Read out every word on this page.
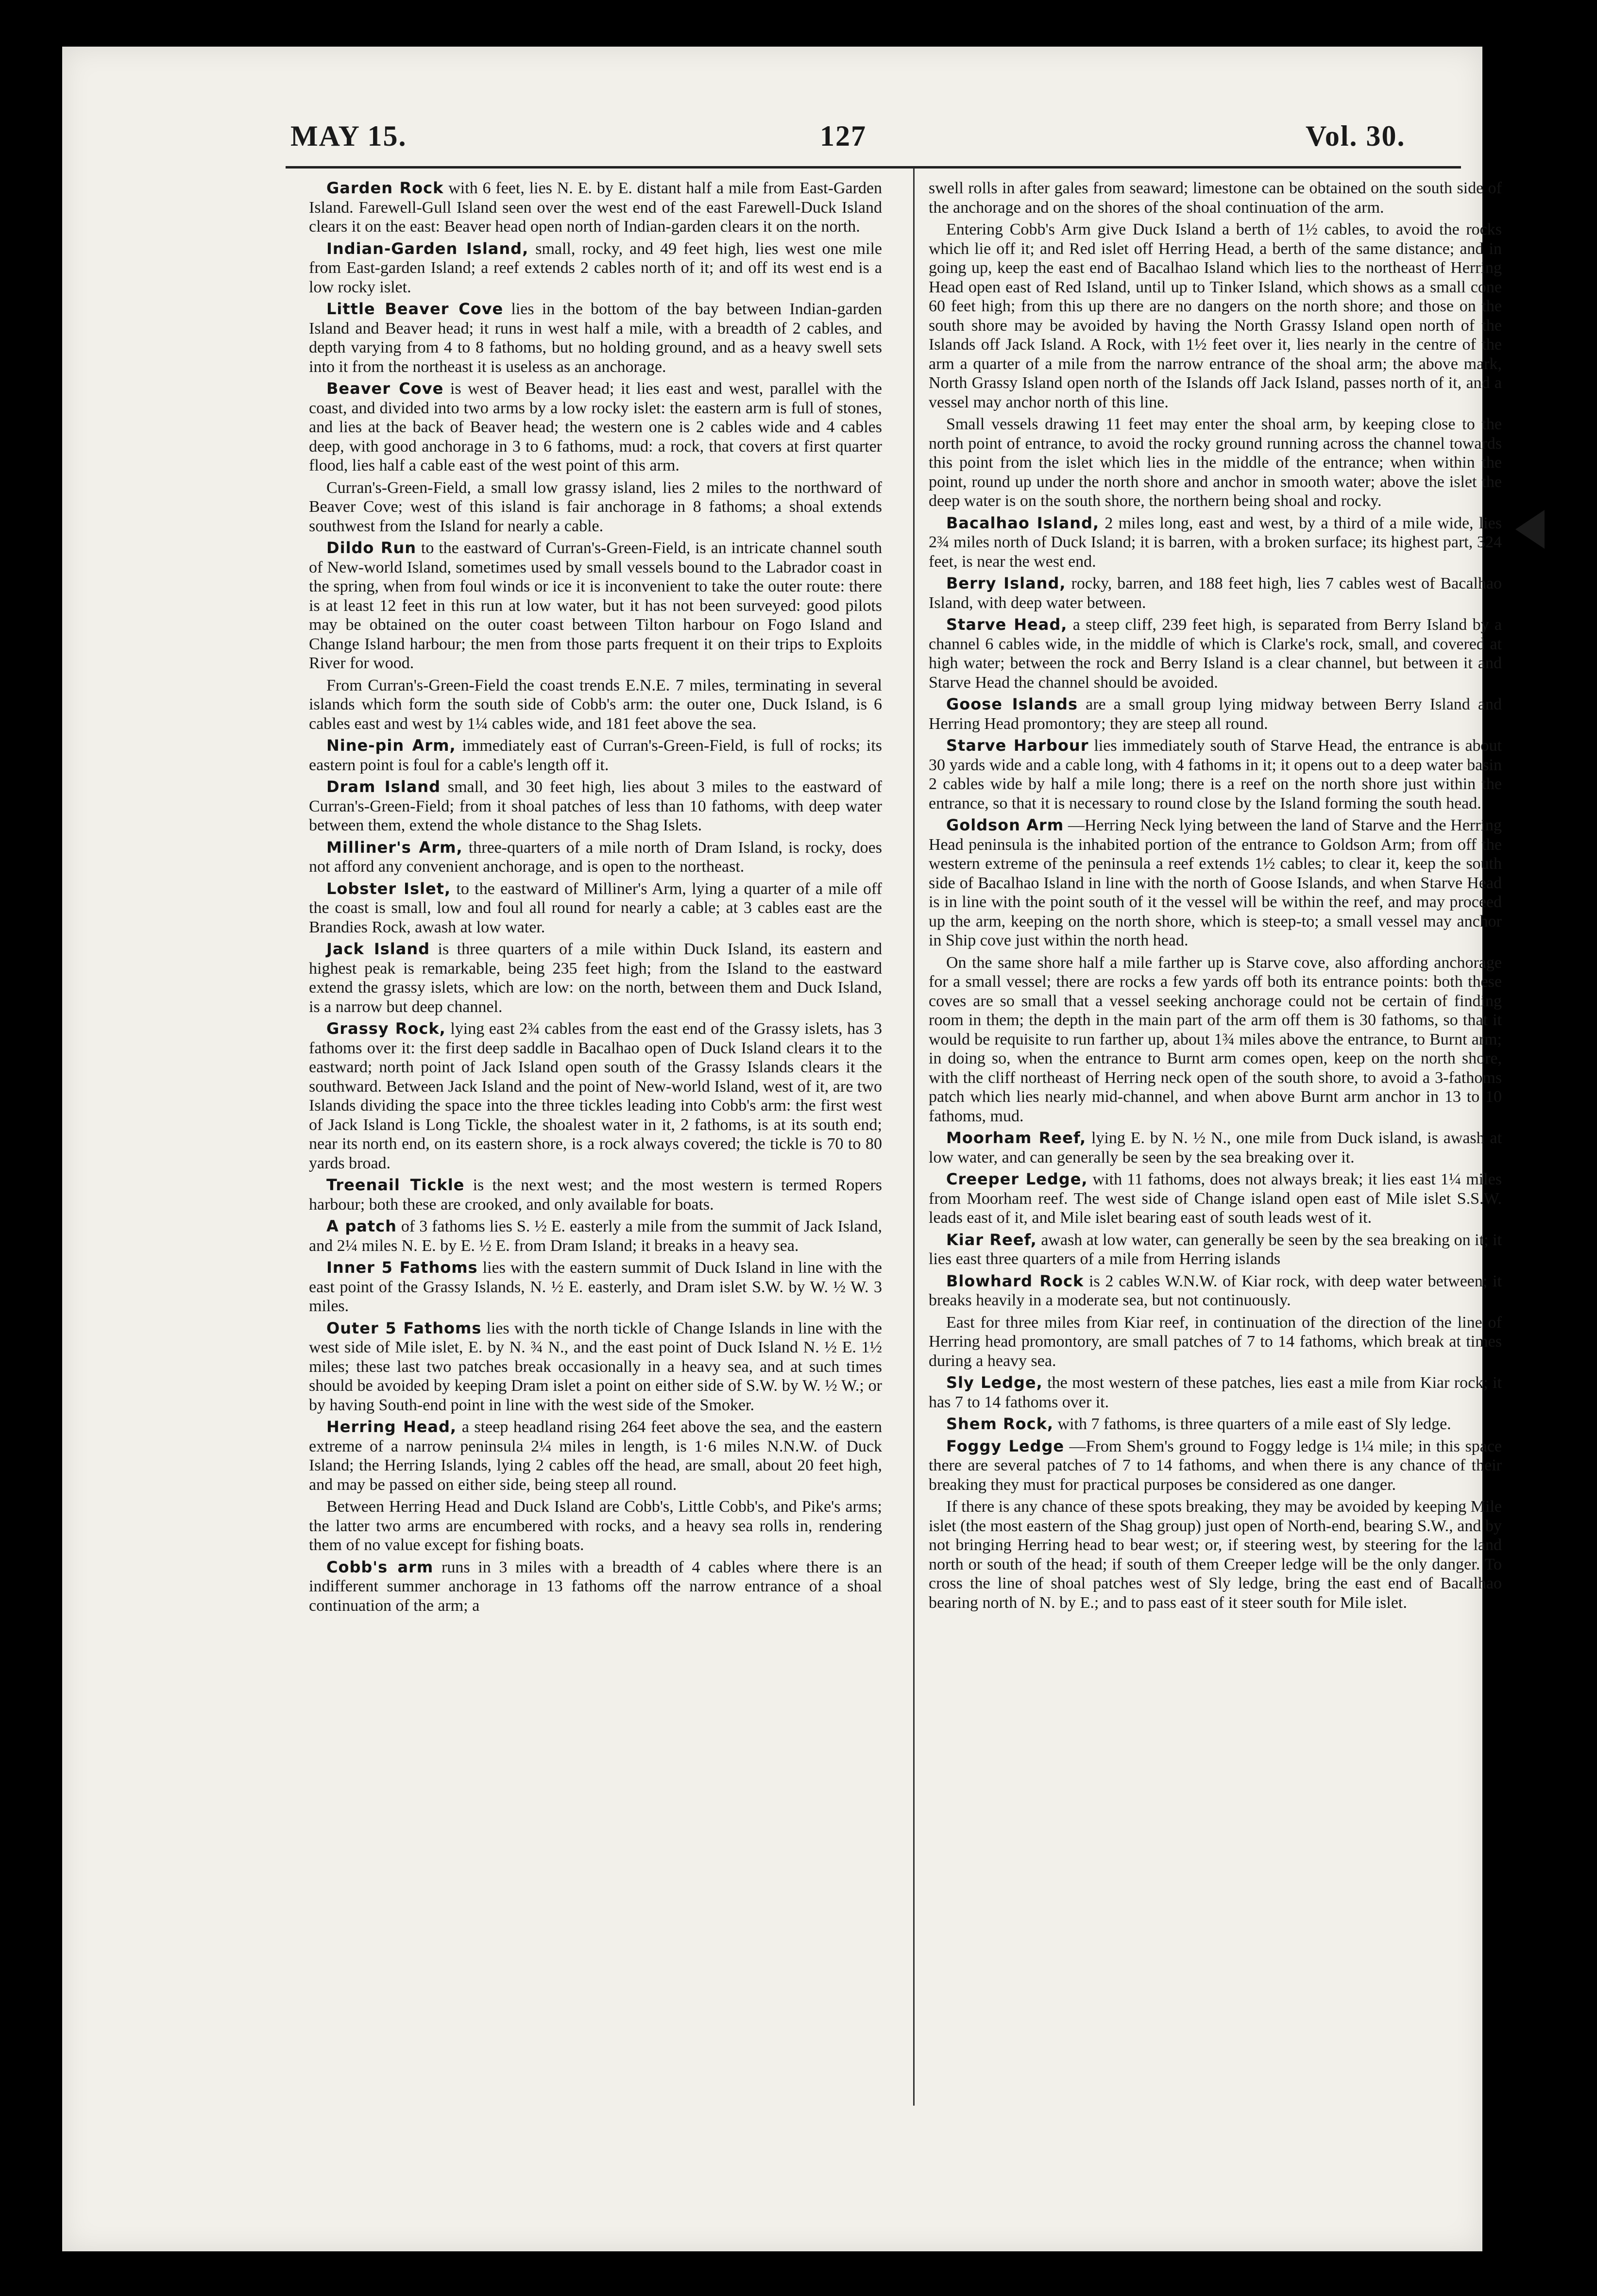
MAY 15.	127	Vol. 30.

Garden Rock with 6 feet, lies N. E. by E. distant half a mile from East-Garden Island. Farewell-Gull Island seen over the west end of the east Farewell-Duck Island clears it on the east: Beaver head open north of Indian-garden clears it on the north.

Indian-Garden Island, small, rocky, and 49 feet high, lies west one mile from East-garden Island; a reef extends 2 cables north of it; and off its west end is a low rocky islet.

Little Beaver Cove lies in the bottom of the bay between Indian-garden Island and Beaver head; it runs in west half a mile, with a breadth of 2 cables, and depth varying from 4 to 8 fathoms, but no holding ground, and as a heavy swell sets into it from the northeast it is useless as an anchorage.

Beaver Cove is west of Beaver head; it lies east and west, parallel with the coast, and divided into two arms by a low rocky islet: the eastern arm is full of stones, and lies at the back of Beaver head; the western one is 2 cables wide and 4 cables deep, with good anchorage in 3 to 6 fathoms, mud: a rock, that covers at first quarter flood, lies half a cable east of the west point of this arm.

Curran's-Green-Field, a small low grassy island, lies 2 miles to the northward of Beaver Cove; west of this island is fair anchorage in 8 fathoms; a shoal extends southwest from the Island for nearly a cable.

Dildo Run to the eastward of Curran's-Green-Field, is an intricate channel south of New-world Island, sometimes used by small vessels bound to the Labrador coast in the spring, when from foul winds or ice it is inconvenient to take the outer route: there is at least 12 feet in this run at low water, but it has not been surveyed: good pilots may be obtained on the outer coast between Tilton harbour on Fogo Island and Change Island harbour; the men from those parts frequent it on their trips to Exploits River for wood.

From Curran's-Green-Field the coast trends E.N.E. 7 miles, terminating in several islands which form the south side of Cobb's arm: the outer one, Duck Island, is 6 cables east and west by 1¼ cables wide, and 181 feet above the sea.

Nine-pin Arm, immediately east of Curran's-Green-Field, is full of rocks; its eastern point is foul for a cable's length off it.

Dram Island small, and 30 feet high, lies about 3 miles to the eastward of Curran's-Green-Field; from it shoal patches of less than 10 fathoms, with deep water between them, extend the whole distance to the Shag Islets.

Milliner's Arm, three-quarters of a mile north of Dram Island, is rocky, does not afford any convenient anchorage, and is open to the northeast.

Lobster Islet, to the eastward of Milliner's Arm, lying a quarter of a mile off the coast is small, low and foul all round for nearly a cable; at 3 cables east are the Brandies Rock, awash at low water.

Jack Island is three quarters of a mile within Duck Island, its eastern and highest peak is remarkable, being 235 feet high; from the Island to the eastward extend the grassy islets, which are low: on the north, between them and Duck Island, is a narrow but deep channel.

Grassy Rock, lying east 2¾ cables from the east end of the Grassy islets, has 3 fathoms over it: the first deep saddle in Bacalhao open of Duck Island clears it to the eastward; north point of Jack Island open south of the Grassy Islands clears it the southward. Between Jack Island and the point of New-world Island, west of it, are two Islands dividing the space into the three tickles leading into Cobb's arm: the first west of Jack Island is Long Tickle, the shoalest water in it, 2 fathoms, is at its south end; near its north end, on its eastern shore, is a rock always covered; the tickle is 70 to 80 yards broad.

Treenail Tickle is the next west; and the most western is termed Ropers harbour; both these are crooked, and only available for boats.

A patch of 3 fathoms lies S. ½ E. easterly a mile from the summit of Jack Island, and 2¼ miles N. E. by E. ½ E. from Dram Island; it breaks in a heavy sea.

Inner 5 Fathoms lies with the eastern summit of Duck Island in line with the east point of the Grassy Islands, N. ½ E. easterly, and Dram islet S.W. by W. ½ W. 3 miles.

Outer 5 Fathoms lies with the north tickle of Change Islands in line with the west side of Mile islet, E. by N. ¾ N., and the east point of Duck Island N. ½ E. 1½ miles; these last two patches break occasionally in a heavy sea, and at such times should be avoided by keeping Dram islet a point on either side of S.W. by W. ½ W.; or by having South-end point in line with the west side of the Smoker.

Herring Head, a steep headland rising 264 feet above the sea, and the eastern extreme of a narrow peninsula 2¼ miles in length, is 1·6 miles N.N.W. of Duck Island; the Herring Islands, lying 2 cables off the head, are small, about 20 feet high, and may be passed on either side, being steep all round.

Between Herring Head and Duck Island are Cobb's, Little Cobb's, and Pike's arms; the latter two arms are encumbered with rocks, and a heavy sea rolls in, rendering them of no value except for fishing boats.

Cobb's arm runs in 3 miles with a breadth of 4 cables where there is an indifferent summer anchorage in 13 fathoms off the narrow entrance of a shoal continuation of the arm; a

swell rolls in after gales from seaward; limestone can be obtained on the south side of the anchorage and on the shores of the shoal continuation of the arm.

Entering Cobb's Arm give Duck Island a berth of 1½ cables, to avoid the rocks which lie off it; and Red islet off Herring Head, a berth of the same distance; and in going up, keep the east end of Bacalhao Island which lies to the northeast of Herring Head open east of Red Island, until up to Tinker Island, which shows as a small cone 60 feet high; from this up there are no dangers on the north shore; and those on the south shore may be avoided by having the North Grassy Island open north of the Islands off Jack Island. A Rock, with 1½ feet over it, lies nearly in the centre of the arm a quarter of a mile from the narrow entrance of the shoal arm; the above mark, North Grassy Island open north of the Islands off Jack Island, passes north of it, and a vessel may anchor north of this line.

Small vessels drawing 11 feet may enter the shoal arm, by keeping close to the north point of entrance, to avoid the rocky ground running across the channel towards this point from the islet which lies in the middle of the entrance; when within the point, round up under the north shore and anchor in smooth water; above the islet the deep water is on the south shore, the northern being shoal and rocky.

Bacalhao Island, 2 miles long, east and west, by a third of a mile wide, lies 2¾ miles north of Duck Island; it is barren, with a broken surface; its highest part, 324 feet, is near the west end.

Berry Island, rocky, barren, and 188 feet high, lies 7 cables west of Bacalhao Island, with deep water between.

Starve Head, a steep cliff, 239 feet high, is separated from Berry Island by a channel 6 cables wide, in the middle of which is Clarke's rock, small, and covered at high water; between the rock and Berry Island is a clear channel, but between it and Starve Head the channel should be avoided.

Goose Islands are a small group lying midway between Berry Island and Herring Head promontory; they are steep all round.

Starve Harbour lies immediately south of Starve Head, the entrance is about 30 yards wide and a cable long, with 4 fathoms in it; it opens out to a deep water basin 2 cables wide by half a mile long; there is a reef on the north shore just within the entrance, so that it is necessary to round close by the Island forming the south head.

Goldson Arm —Herring Neck lying between the land of Starve and the Herring Head peninsula is the inhabited portion of the entrance to Goldson Arm; from off the western extreme of the peninsula a reef extends 1½ cables; to clear it, keep the south side of Bacalhao Island in line with the north of Goose Islands, and when Starve Head is in line with the point south of it the vessel will be within the reef, and may proceed up the arm, keeping on the north shore, which is steep-to; a small vessel may anchor in Ship cove just within the north head.

On the same shore half a mile farther up is Starve cove, also affording anchorage for a small vessel; there are rocks a few yards off both its entrance points: both these coves are so small that a vessel seeking anchorage could not be certain of finding room in them; the depth in the main part of the arm off them is 30 fathoms, so that it would be requisite to run farther up, about 1¾ miles above the entrance, to Burnt arm; in doing so, when the entrance to Burnt arm comes open, keep on the north shore, with the cliff northeast of Herring neck open of the south shore, to avoid a 3-fathoms patch which lies nearly mid-channel, and when above Burnt arm anchor in 13 to 10 fathoms, mud.

Moorham Reef, lying E. by N. ½ N., one mile from Duck island, is awash at low water, and can generally be seen by the sea breaking over it.

Creeper Ledge, with 11 fathoms, does not always break; it lies east 1¼ miles from Moorham reef. The west side of Change island open east of Mile islet S.S.W. leads east of it, and Mile islet bearing east of south leads west of it.

Kiar Reef, awash at low water, can generally be seen by the sea breaking on it; it lies east three quarters of a mile from Herring islands

Blowhard Rock is 2 cables W.N.W. of Kiar rock, with deep water between; it breaks heavily in a moderate sea, but not continuously.

East for three miles from Kiar reef, in continuation of the direction of the line of Herring head promontory, are small patches of 7 to 14 fathoms, which break at times during a heavy sea.

Sly Ledge, the most western of these patches, lies east a mile from Kiar rock; it has 7 to 14 fathoms over it.

Shem Rock, with 7 fathoms, is three quarters of a mile east of Sly ledge.

Foggy Ledge —From Shem's ground to Foggy ledge is 1¼ mile; in this space there are several patches of 7 to 14 fathoms, and when there is any chance of their breaking they must for practical purposes be considered as one danger.

If there is any chance of these spots breaking, they may be avoided by keeping Mile islet (the most eastern of the Shag group) just open of North-end, bearing S.W., and by not bringing Herring head to bear west; or, if steering west, by steering for the land north or south of the head; if south of them Creeper ledge will be the only danger. To cross the line of shoal patches west of Sly ledge, bring the east end of Bacalhao bearing north of N. by E.; and to pass east of it steer south for Mile islet.
